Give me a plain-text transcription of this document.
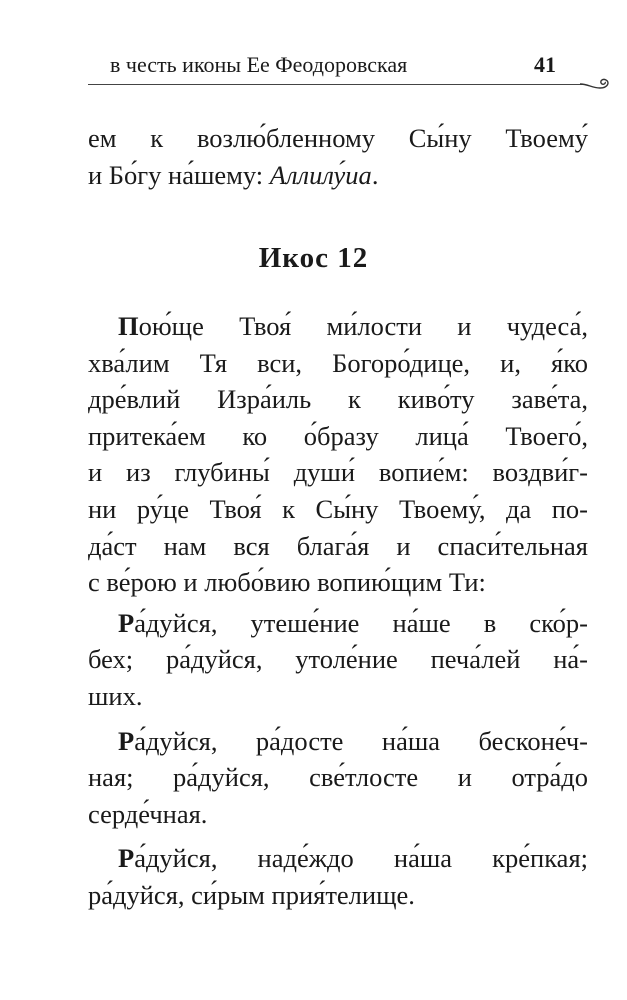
в честь иконы Ее Феодоровская	41
ем к возлю́бленному Сы́ну Твоему́
и Бо́гу на́шему: Аллилу́иа.
Икос 12
Пою́ще Твоя́ ми́лости и чудеса́,
хва́лим Тя вси, Богоро́дице, и, я́ко
дре́влий Изра́иль к киво́ту заве́та,
притека́ем ко о́бразу лица́ Твоего́,
и из глубины́ души́ вопие́м: воздви́г-
ни ру́це Твоя́ к Сы́ну Твоему́, да по-
да́ст нам вся блага́я и спаси́тельная
с ве́рою и любо́вию вопию́щим Ти:
Ра́дуйся, утеше́ние на́ше в ско́р-
бех; ра́дуйся, утоле́ние печа́лей на́-
ших.
Ра́дуйся, ра́досте на́ша бесконе́ч-
ная; ра́дуйся, све́тлосте и отра́до
серде́чная.
Ра́дуйся, наде́ждо на́ша кре́пкая;
ра́дуйся, си́рым прия́телище.
